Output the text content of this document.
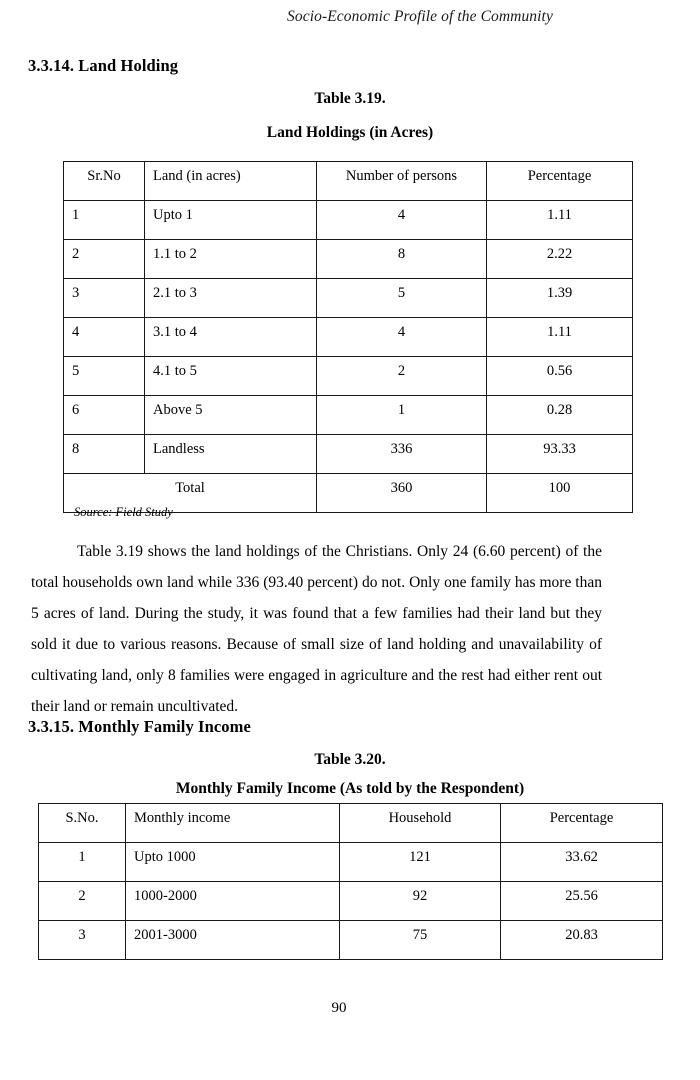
Socio-Economic Profile of the Community
3.3.14. Land Holding
Table 3.19.
Land Holdings (in Acres)
Sr.No	Land (in acres)	Number of persons	Percentage
1	Upto 1	4	1.11
2	1.1 to 2	8	2.22
3	2.1 to 3	5	1.39
4	3.1 to 4	4	1.11
5	4.1 to 5	2	0.56
6	Above 5	1	0.28
8	Landless	336	93.33
Total		360	100
Source: Field Study
Table 3.19 shows the land holdings of the Christians. Only 24 (6.60 percent) of the total households own land while 336 (93.40 percent) do not. Only one family has more than 5 acres of land. During the study, it was found that a few families had their land but they sold it due to various reasons. Because of small size of land holding and unavailability of cultivating land, only 8 families were engaged in agriculture and the rest had either rent out their land or remain uncultivated.
3.3.15. Monthly Family Income
Table 3.20.
Monthly Family Income (As told by the Respondent)
S.No.	Monthly income	Household	Percentage
1	Upto 1000	121	33.62
2	1000-2000	92	25.56
3	2001-3000	75	20.83
90
